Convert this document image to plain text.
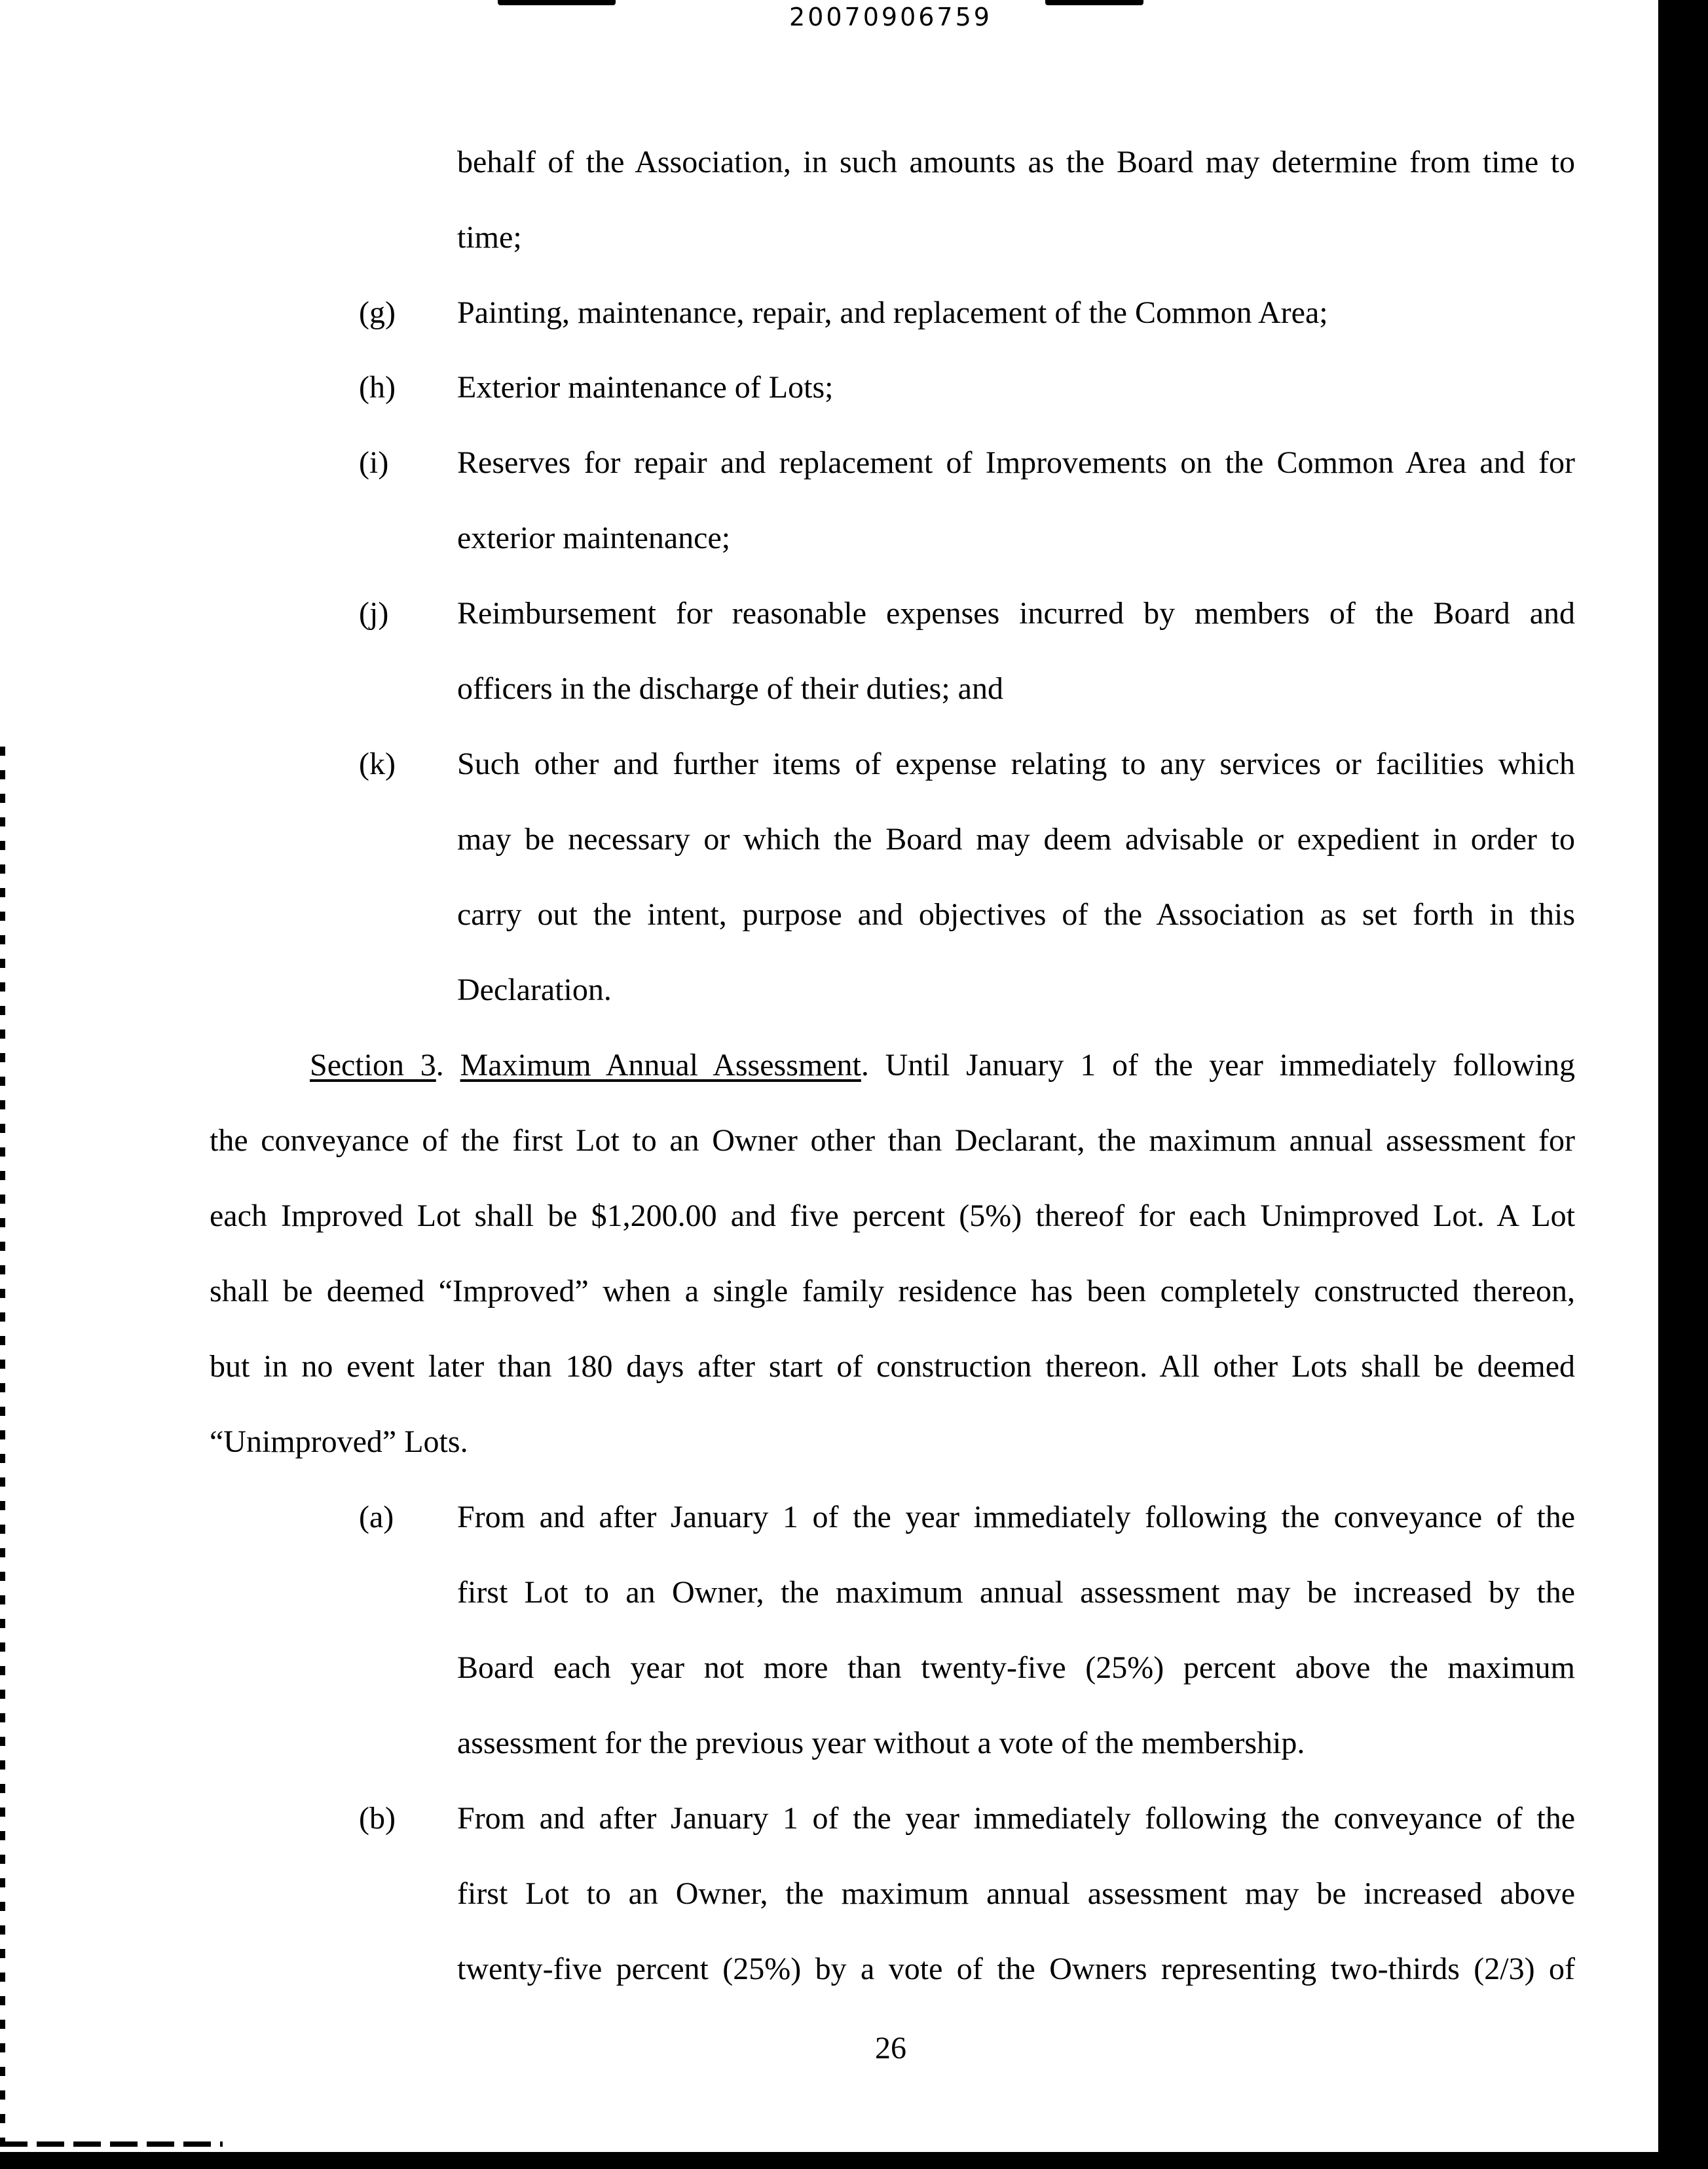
20070906759
behalf of the Association, in such amounts as the Board may determine from time to
time;
(g) Painting, maintenance, repair, and replacement of the Common Area;
(h) Exterior maintenance of Lots;
(i) Reserves for repair and replacement of Improvements on the Common Area and for
exterior maintenance;
(j) Reimbursement for reasonable expenses incurred by members of the Board and
officers in the discharge of their duties; and
(k) Such other and further items of expense relating to any services or facilities which
may be necessary or which the Board may deem advisable or expedient in order to
carry out the intent, purpose and objectives of the Association as set forth in this
Declaration.
Section 3. Maximum Annual Assessment. Until January 1 of the year immediately following
the conveyance of the first Lot to an Owner other than Declarant, the maximum annual assessment for
each Improved Lot shall be $1,200.00 and five percent (5%) thereof for each Unimproved Lot. A Lot
shall be deemed “Improved” when a single family residence has been completely constructed thereon,
but in no event later than 180 days after start of construction thereon. All other Lots shall be deemed
“Unimproved” Lots.
(a) From and after January 1 of the year immediately following the conveyance of the
first Lot to an Owner, the maximum annual assessment may be increased by the
Board each year not more than twenty-five (25%) percent above the maximum
assessment for the previous year without a vote of the membership.
(b) From and after January 1 of the year immediately following the conveyance of the
first Lot to an Owner, the maximum annual assessment may be increased above
twenty-five percent (25%) by a vote of the Owners representing two-thirds (2/3) of
26
